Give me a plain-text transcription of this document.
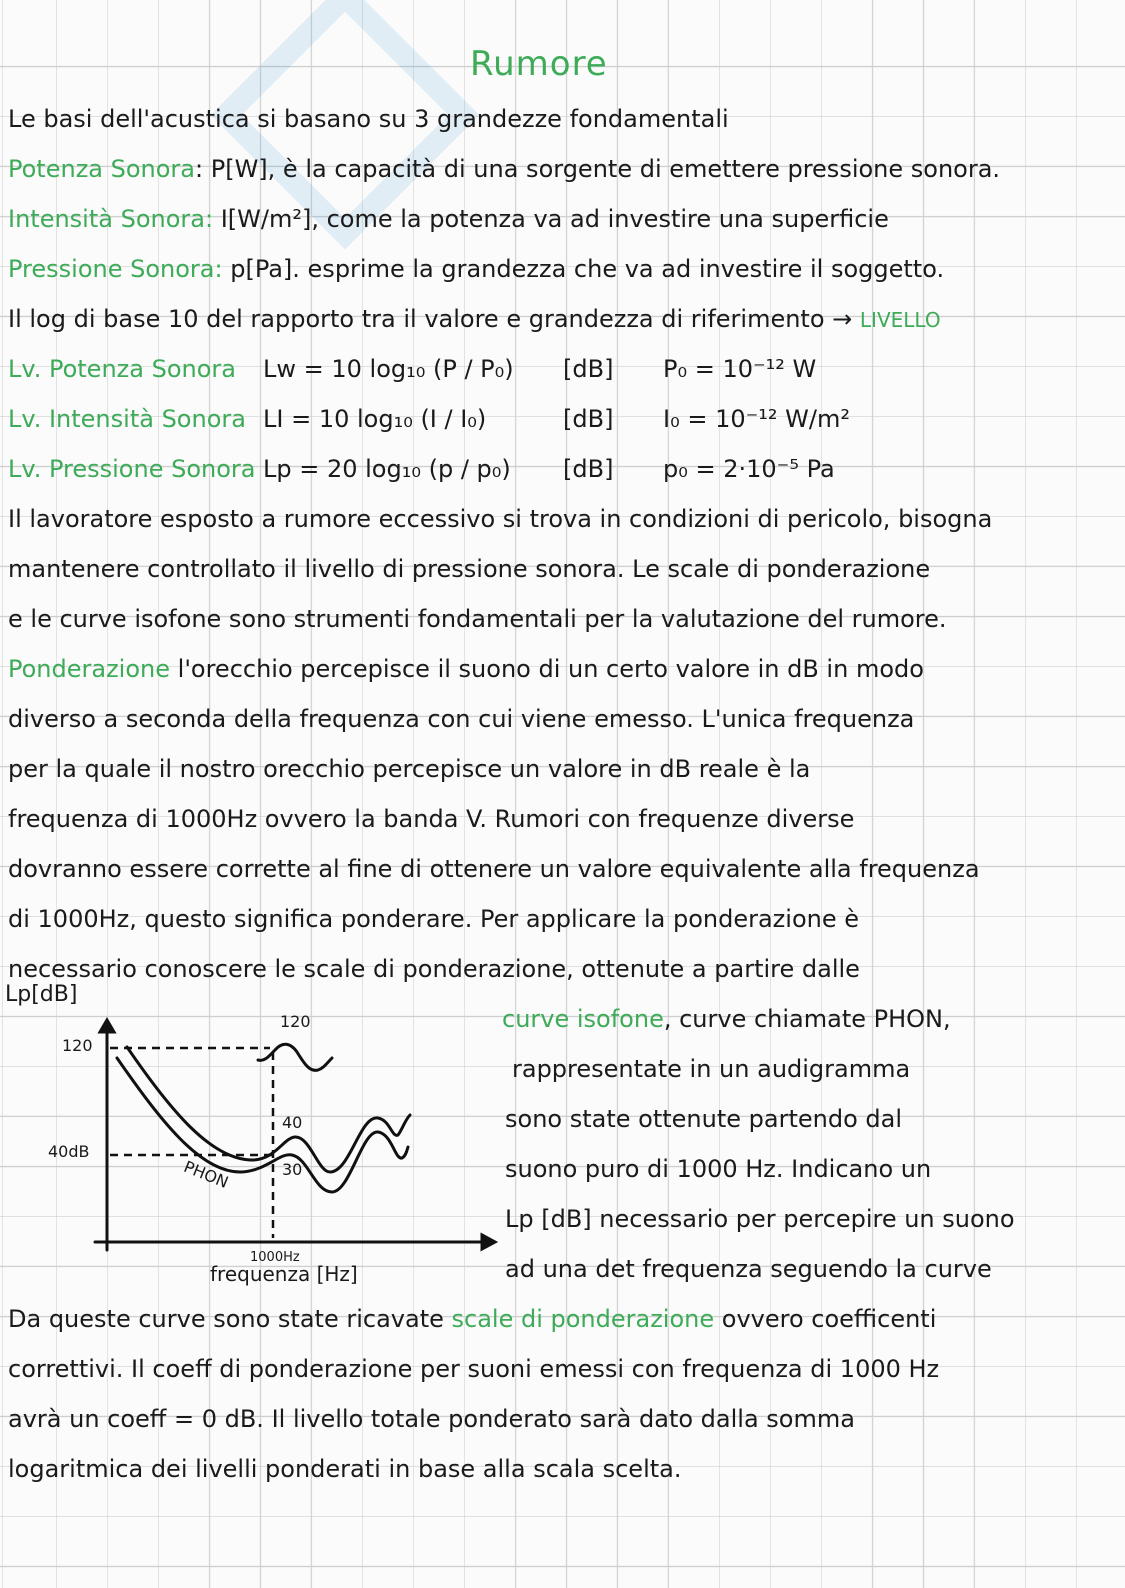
Rumore
Le basi dell'acustica si basano su 3 grandezze fondamentali
Potenza Sonora: P[W], è la capacità di una sorgente di emettere pressione sonora.
Intensità Sonora: I[W/m²], come la potenza va ad investire una superficie
Pressione Sonora: p[Pa]. esprime la grandezza che va ad investire il soggetto.
Il log di base 10 del rapporto tra il valore e grandezza di riferimento → LIVELLO
Lv. Potenza Sonora Lw = 10 log₁₀ (P / P₀) [dB] P₀ = 10⁻¹² W
Lv. Intensità Sonora LI = 10 log₁₀ (I / I₀)	[dB] I₀ = 10⁻¹² W/m²
Lv. Pressione Sonora Lp = 20 log₁₀ (p / p₀) [dB] p₀ = 2·10⁻⁵ Pa
Il lavoratore esposto a rumore eccessivo si trova in condizioni di pericolo, bisogna
mantenere controllato il livello di pressione sonora. Le scale di ponderazione
e le curve isofone sono strumenti fondamentali per la valutazione del rumore.
Ponderazione l'orecchio percepisce il suono di un certo valore in dB in modo
diverso a seconda della frequenza con cui viene emesso. L'unica frequenza
per la quale il nostro orecchio percepisce un valore in dB reale è la
frequenza di 1000Hz ovvero la banda V. Rumori con frequenze diverse
dovranno essere corrette al fine di ottenere un valore equivalente alla frequenza
di 1000Hz, questo significa ponderare. Per applicare la ponderazione è
necessario conoscere le scale di ponderazione, ottenute a partire dalle
curve isofone, curve chiamate PHON,
rappresentate in un audigramma
sono state ottenute partendo dal
suono puro di 1000 Hz. Indicano un
Lp [dB] necessario per percepire un suono
ad una det frequenza seguendo la curve
Lp[dB]
120
40dB
120
40
30
PHON
1000Hz
frequenza [Hz]
Da queste curve sono state ricavate scale di ponderazione ovvero coefficenti
correttivi. Il coeff di ponderazione per suoni emessi con frequenza di 1000 Hz
avrà un coeff = 0 dB. Il livello totale ponderato sarà dato dalla somma
logaritmica dei livelli ponderati in base alla scala scelta.
